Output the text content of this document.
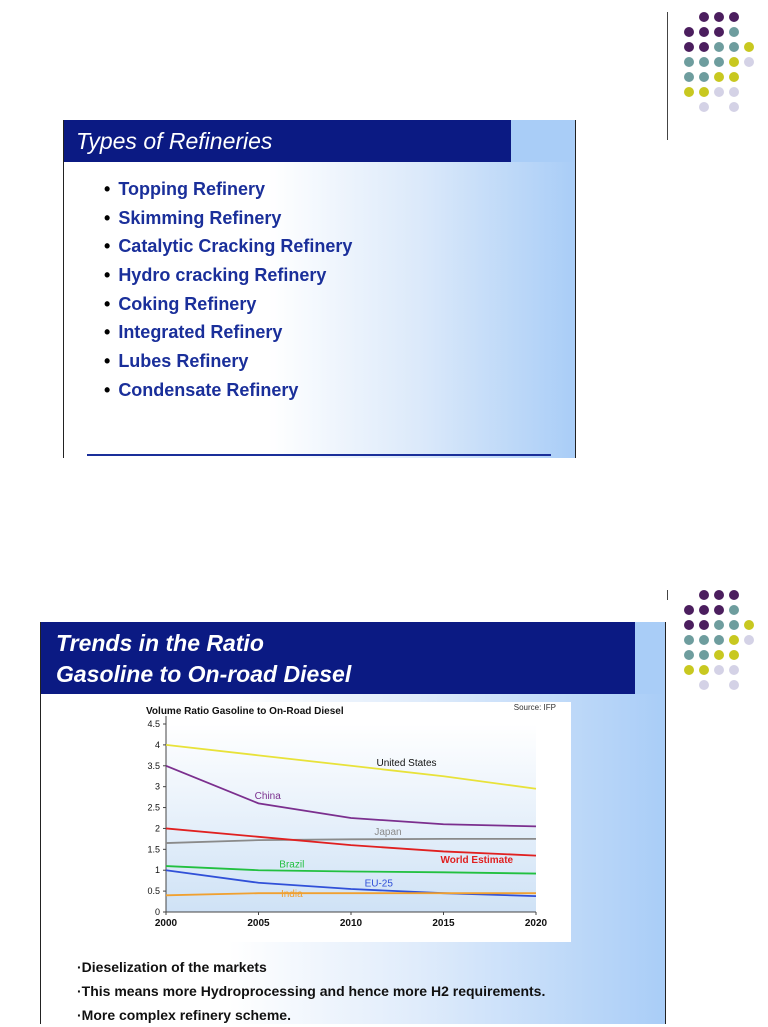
Types of Refineries
• Topping Refinery
• Skimming Refinery
• Catalytic Cracking Refinery
• Hydro cracking Refinery
• Coking Refinery
• Integrated Refinery
• Lubes Refinery
• Condensate Refinery
Trends in the Ratio
Gasoline to On-road Diesel
Volume Ratio Gasoline to On-Road Diesel	Source: IFP
0
0.5
1
1.5
2
2.5
3
3.5
4
4.5
2000	2005	2010	2015	2020
United States
China
Japan
World Estimate
Brazil
EU-25
India
·Dieselization of the markets
·This means more Hydroprocessing and hence more H2 requirements.
·More complex refinery scheme.
